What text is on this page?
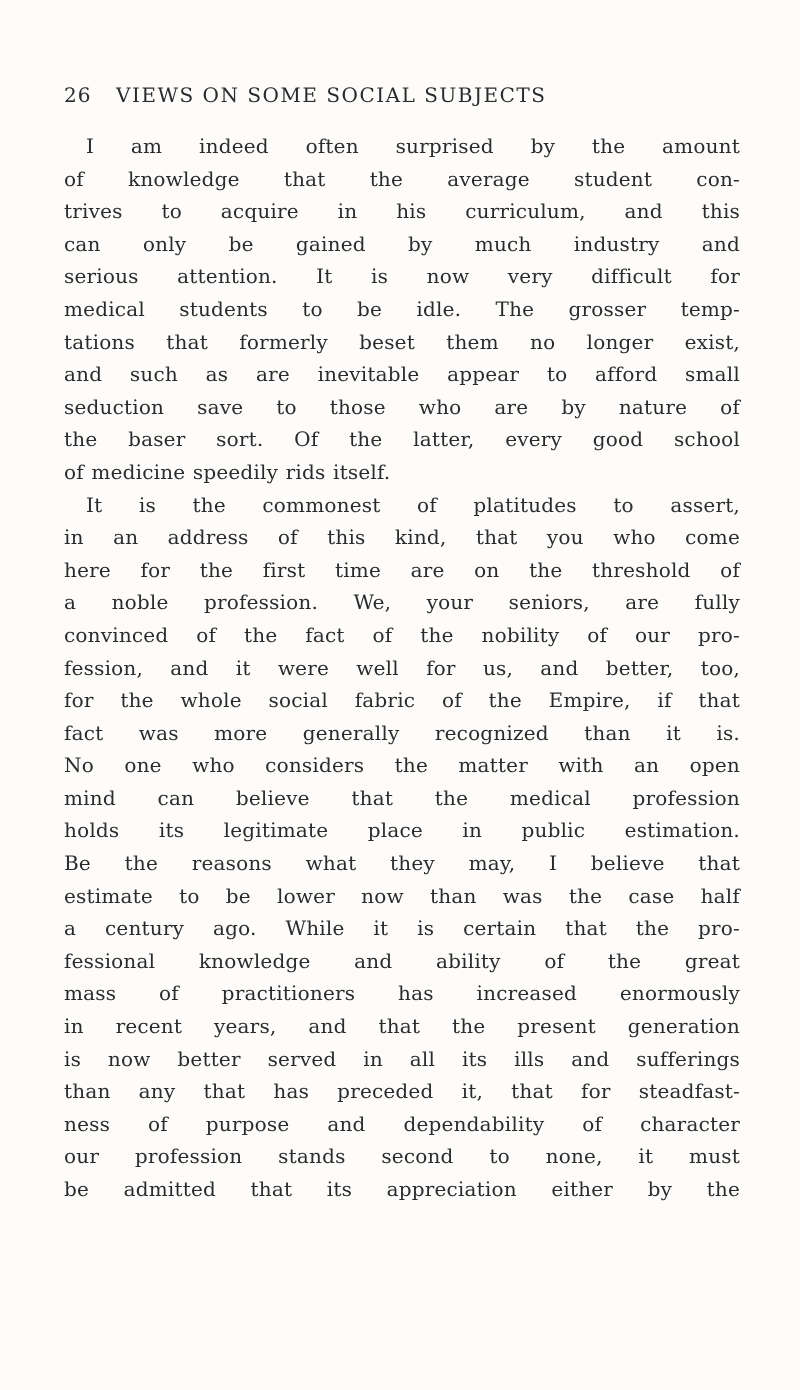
26 VIEWS ON SOME SOCIAL SUBJECTS
I am indeed often surprised by the amount
of knowledge that the average student con-
trives to acquire in his curriculum, and this
can only be gained by much industry and
serious attention. It is now very difficult for
medical students to be idle. The grosser temp-
tations that formerly beset them no longer exist,
and such as are inevitable appear to afford small
seduction save to those who are by nature of
the baser sort. Of the latter, every good school
of medicine speedily rids itself.
It is the commonest of platitudes to assert,
in an address of this kind, that you who come
here for the first time are on the threshold of
a noble profession. We, your seniors, are fully
convinced of the fact of the nobility of our pro-
fession, and it were well for us, and better, too,
for the whole social fabric of the Empire, if that
fact was more generally recognized than it is.
No one who considers the matter with an open
mind can believe that the medical profession
holds its legitimate place in public estimation.
Be the reasons what they may, I believe that
estimate to be lower now than was the case half
a century ago. While it is certain that the pro-
fessional knowledge and ability of the great
mass of practitioners has increased enormously
in recent years, and that the present generation
is now better served in all its ills and sufferings
than any that has preceded it, that for steadfast-
ness of purpose and dependability of character
our profession stands second to none, it must
be admitted that its appreciation either by the
